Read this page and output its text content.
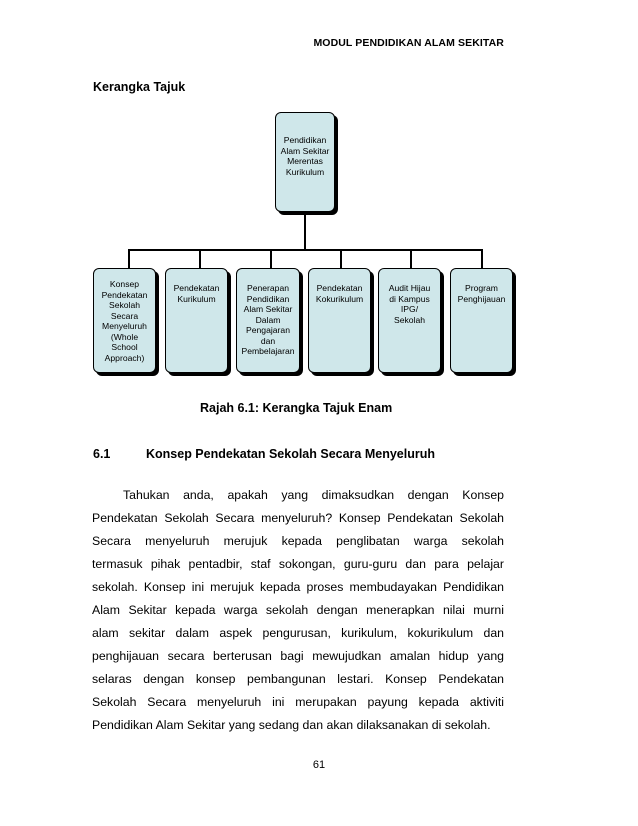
MODUL PENDIDIKAN ALAM SEKITAR
Kerangka Tajuk
Pendidikan
Alam Sekitar
Merentas
Kurikulum
Konsep
Pendekatan
Sekolah
Secara
Menyeluruh
(Whole
School
Approach)
Pendekatan
Kurikulum
Penerapan
Pendidikan
Alam Sekitar
Dalam
Pengajaran
dan
Pembelajaran
Pendekatan
Kokurikulum
Audit Hijau
di Kampus
IPG/
Sekolah
Program
Penghijauan
Rajah 6.1: Kerangka Tajuk Enam
6.1	Konsep Pendekatan Sekolah Secara Menyeluruh
Tahukan anda, apakah yang dimaksudkan dengan Konsep
Pendekatan Sekolah Secara menyeluruh? Konsep Pendekatan Sekolah
Secara menyeluruh merujuk kepada penglibatan warga sekolah
termasuk pihak pentadbir, staf sokongan, guru-guru dan para pelajar
sekolah. Konsep ini merujuk kepada proses membudayakan Pendidikan
Alam Sekitar kepada warga sekolah dengan menerapkan nilai murni
alam sekitar dalam aspek pengurusan, kurikulum, kokurikulum dan
penghijauan secara berterusan bagi mewujudkan amalan hidup yang
selaras dengan konsep pembangunan lestari. Konsep Pendekatan
Sekolah Secara menyeluruh ini merupakan payung kepada aktiviti
Pendidikan Alam Sekitar yang sedang dan akan dilaksanakan di sekolah.
61
